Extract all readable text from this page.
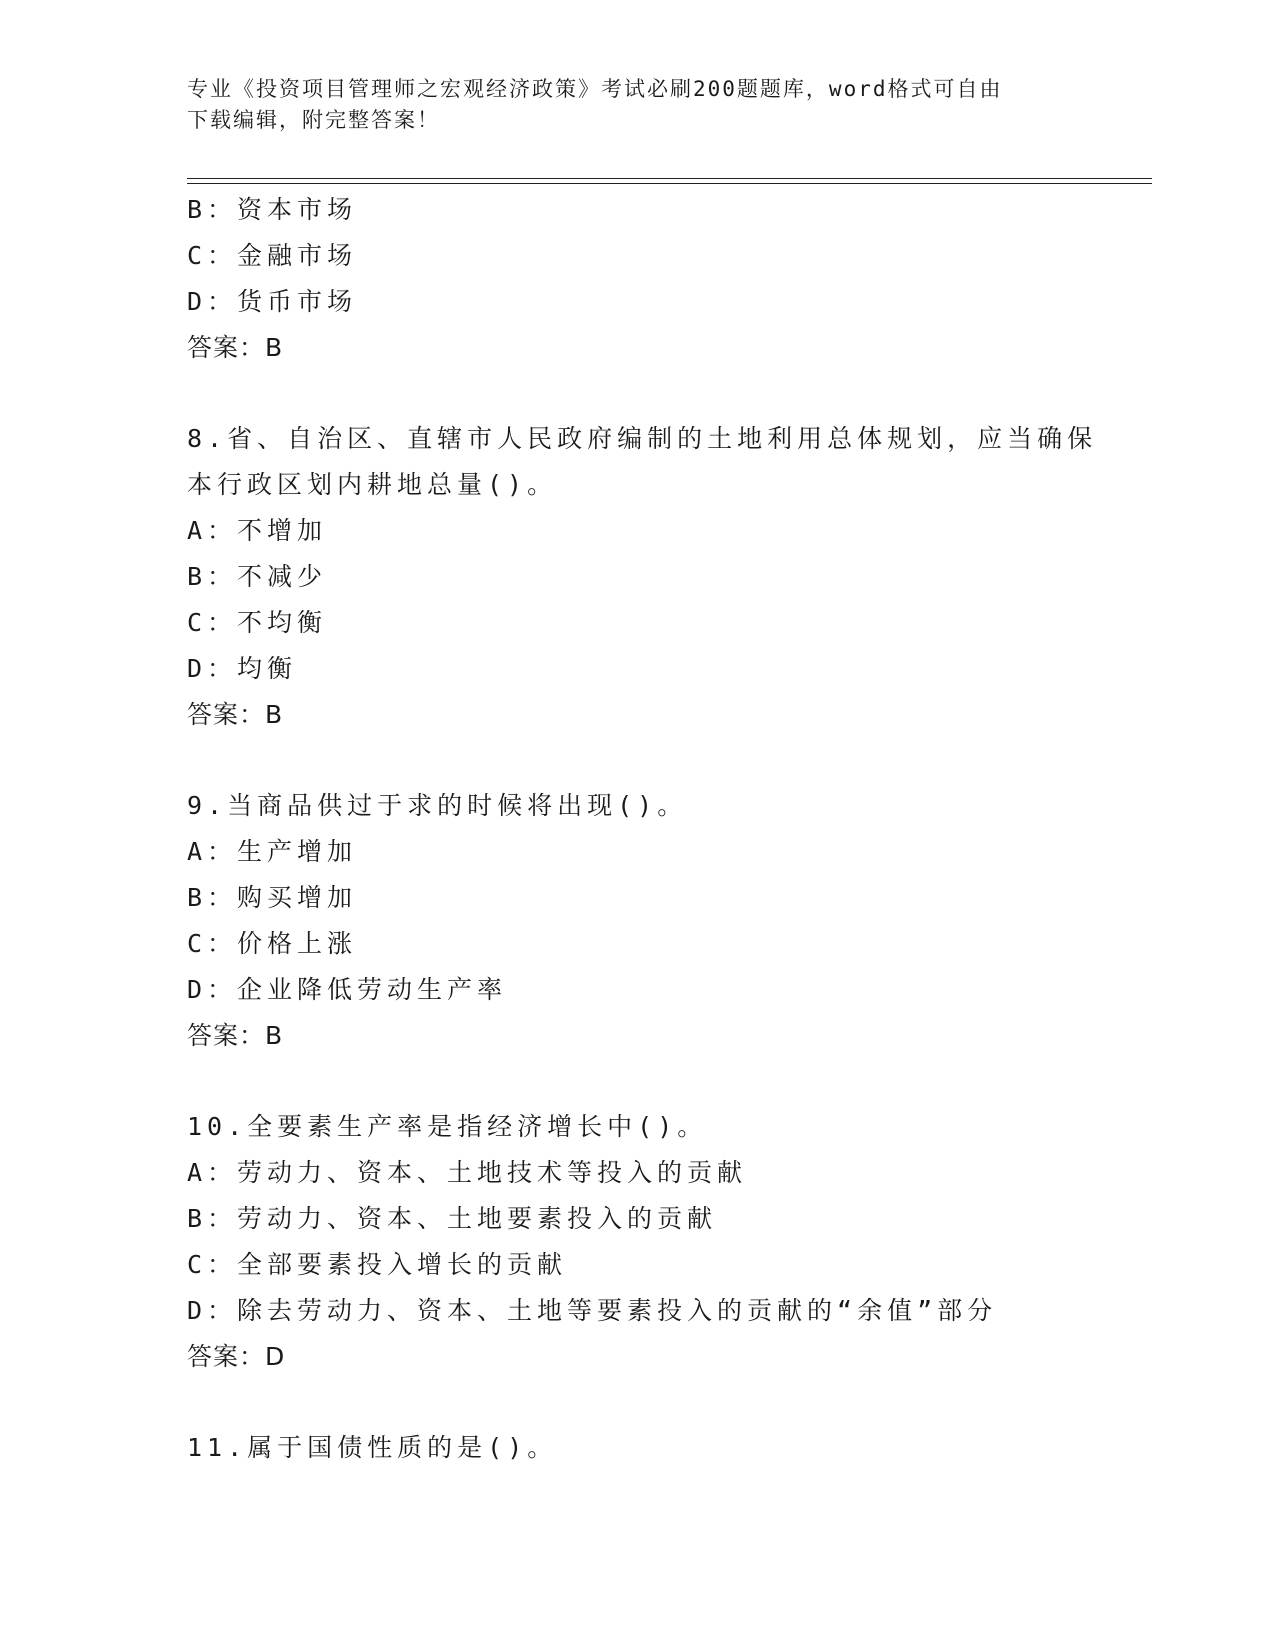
专业《投资项目管理师之宏观经济政策》考试必刷200题题库，word格式可自由
下载编辑，附完整答案！
B：资本市场
C：金融市场
D：货币市场
答案：B
8.省、自治区、直辖市人民政府编制的土地利用总体规划，应当确保
本行政区划内耕地总量()。
A：不增加
B：不减少
C：不均衡
D：均衡
答案：B
9.当商品供过于求的时候将出现()。
A：生产增加
B：购买增加
C：价格上涨
D：企业降低劳动生产率
答案：B
10.全要素生产率是指经济增长中()。
A：劳动力、资本、土地技术等投入的贡献
B：劳动力、资本、土地要素投入的贡献
C：全部要素投入增长的贡献
D：除去劳动力、资本、土地等要素投入的贡献的“余值”部分
答案：D
11.属于国债性质的是()。
